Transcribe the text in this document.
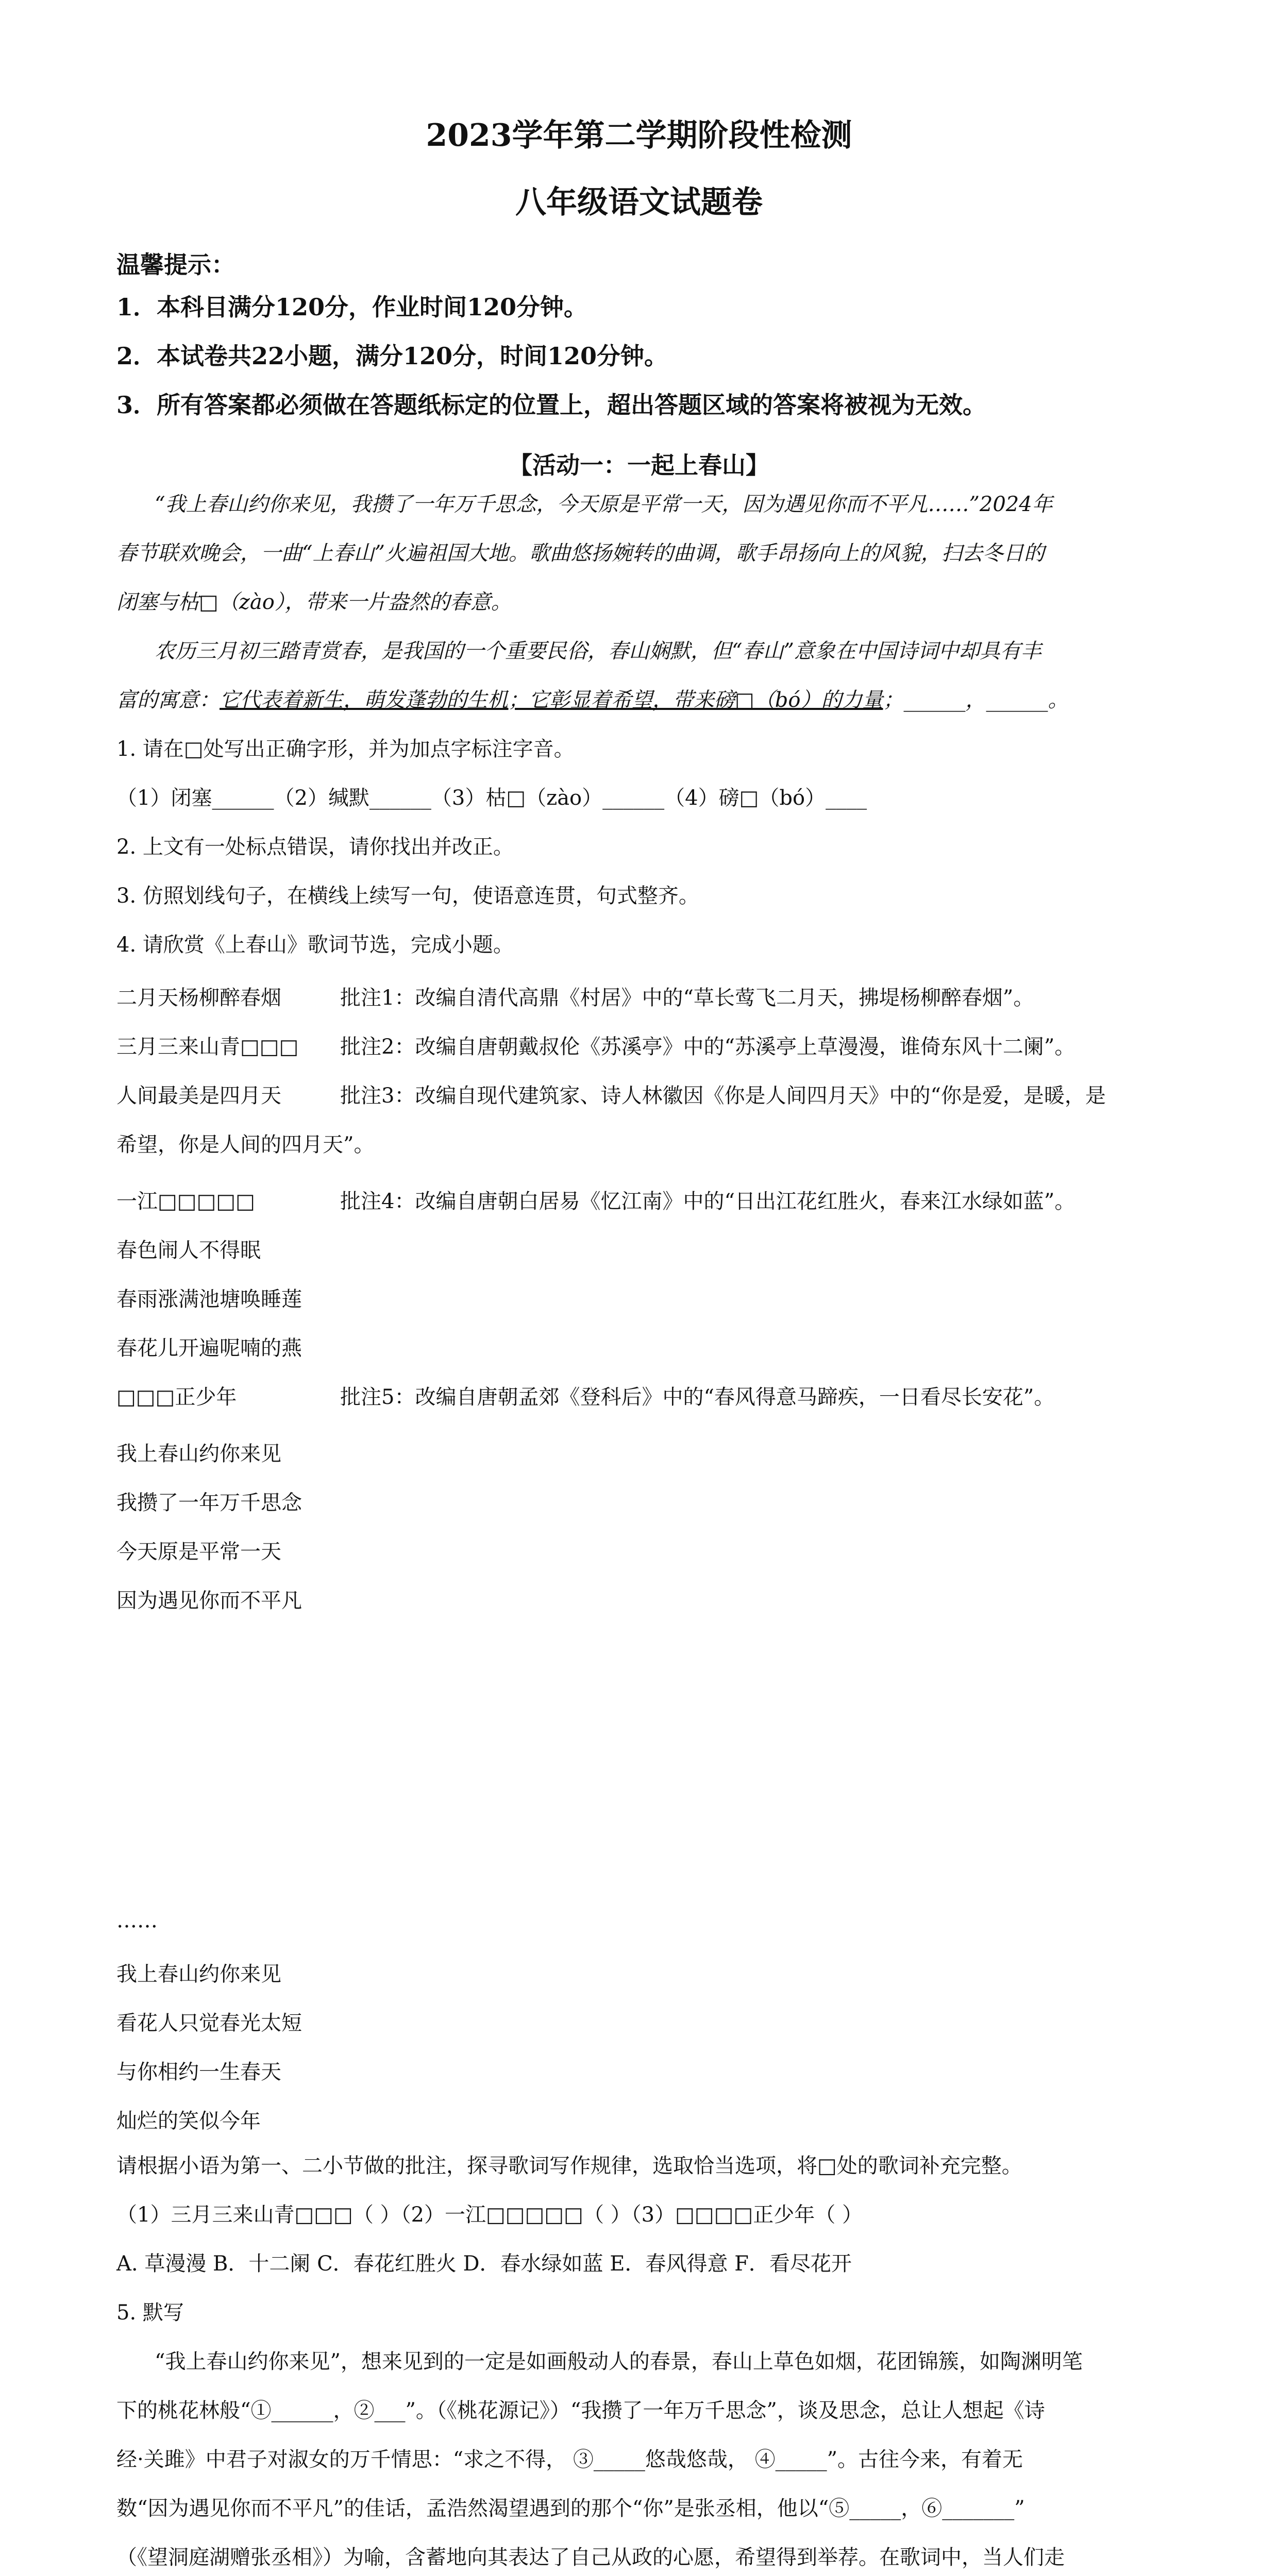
2023学年第二学期阶段性检测
八年级语文试题卷
温馨提示：
1．本科目满分120分，作业时间120分钟。
2．本试卷共22小题，满分120分，时间120分钟。
3．所有答案都必须做在答题纸标定的位置上，超出答题区域的答案将被视为无效。
【活动一：一起上春山】
“我上春山约你来见，我攒了一年万千思念，今天原是平常一天，因为遇见你而不平凡……”2024年
春节联欢晚会，一曲“上春山”火遍祖国大地。歌曲悠扬婉转的曲调，歌手昂扬向上的风貌，扫去冬日的
闭塞与枯□（zào），带来一片盎然的春意。
农历三月初三踏青赏春，是我国的一个重要民俗，春山娴默，但“春山”意象在中国诗词中却具有丰
富的寓意：它代表着新生，萌发蓬勃的生机；它彰显着希望，带来磅□（bó）的力量；______，______。
1. 请在□处写出正确字形，并为加点字标注字音。
（1）闭塞______（2）缄默______（3）枯□（zào）______（4）磅□（bó）____
2. 上文有一处标点错误，请你找出并改正。
3. 仿照划线句子，在横线上续写一句，使语意连贯，句式整齐。
4. 请欣赏《上春山》歌词节选，完成小题。
二月天杨柳醉春烟	批注1：改编自清代高鼎《村居》中的“草长莺飞二月天，拂堤杨柳醉春烟”。
三月三来山青□□□ 批注2：改编自唐朝戴叔伦《苏溪亭》中的“苏溪亭上草漫漫，谁倚东风十二阑”。
人间最美是四月天	批注3：改编自现代建筑家、诗人林徽因《你是人间四月天》中的“你是爱，是暖，是
希望，你是人间的四月天”。
一江□□□□□	批注4：改编自唐朝白居易《忆江南》中的“日出江花红胜火，春来江水绿如蓝”。
春色闹人不得眠
春雨涨满池塘唤睡莲
春花儿开遍呢喃的燕
□□□正少年	批注5：改编自唐朝孟郊《登科后》中的“春风得意马蹄疾，一日看尽长安花”。
我上春山约你来见
我攒了一年万千思念
今天原是平常一天
因为遇见你而不平凡
……
我上春山约你来见
看花人只觉春光太短
与你相约一生春天
灿烂的笑似今年
请根据小语为第一、二小节做的批注，探寻歌词写作规律，选取恰当选项，将□处的歌词补充完整。
（1）三月三来山青□□□（ ）（2）一江□□□□□（ ）（3）□□□□正少年（ ）
A. 草漫漫 B．十二阑 C．春花红胜火 D．春水绿如蓝 E．春风得意 F．看尽花开
5. 默写
“我上春山约你来见”，想来见到的一定是如画般动人的春景，春山上草色如烟，花团锦簇，如陶渊明笔
下的桃花林般“①______，②___”。（《桃花源记》）“我攒了一年万千思念”，谈及思念，总让人想起《诗
经·关雎》中君子对淑女的万千情思：“求之不得， ③_____悠哉悠哉， ④_____”。古往今来，有着无
数“因为遇见你而不平凡”的佳话，孟浩然渴望遇到的那个“你”是张丞相，他以“⑤_____，⑥_______”
（《望洞庭湖赠张丞相》）为喻，含蓄地向其表达了自己从政的心愿，希望得到举荐。在歌词中，当人们走
